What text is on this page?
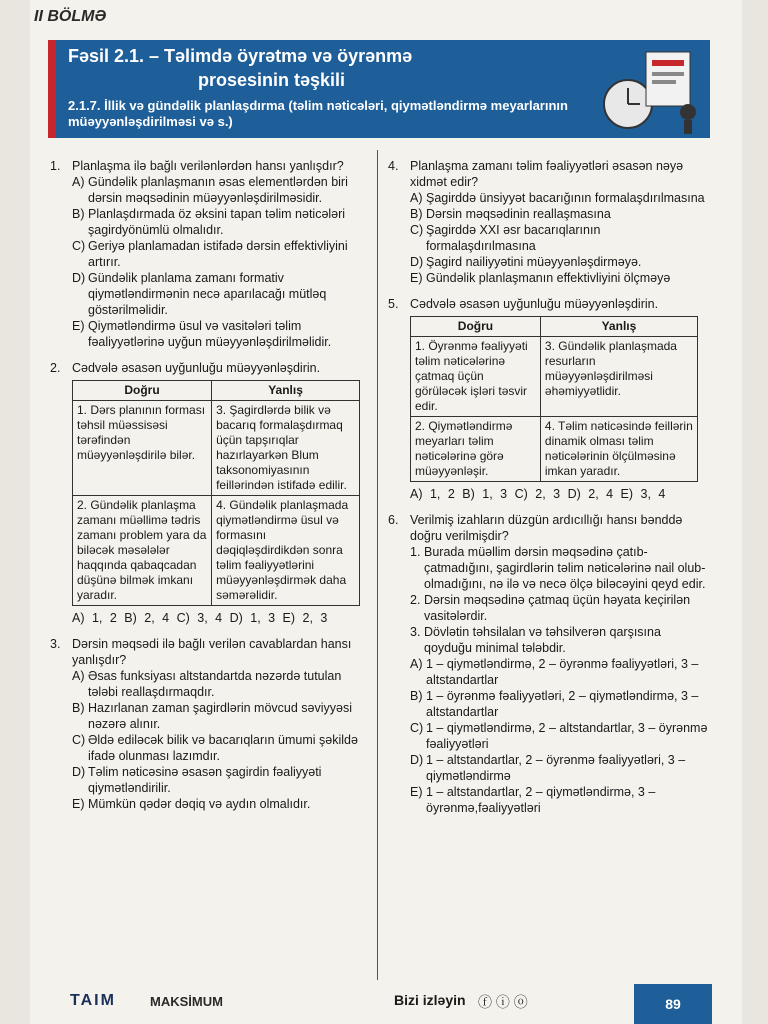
II BÖLMƏ
Fəsil 2.1. – Təlimdə öyrətmə və öyrənmə
prosesinin təşkili
2.1.7. İllik və gündəlik planlaşdırma (təlim nəticələri, qiymətləndirmə meyarlarının müəyyənləşdirilməsi və s.)
1. Planlaşma ilə bağlı verilənlərdən hansı yanlışdır?
A) Gündəlik planlaşmanın əsas elementlərdən biri dərsin məqsədinin müəyyənləşdirilməsidir.
B) Planlaşdırmada öz əksini tapan təlim nəticələri şagirdyönümlü olmalıdır.
C) Geriyə planlamadan istifadə dərsin effektivliyini artırır.
D) Gündəlik planlama zamanı formativ qiymətləndirmənin necə aparılacağı mütləq göstərilməlidir.
E) Qiymətləndirmə üsul və vasitələri təlim fəaliyyətlərinə uyğun müəyyənləşdirilməlidir.
2. Cədvələ əsasən uyğunluğu müəyyənləşdirin.
Doğru	Yanlış
1. Dərs planının forması təhsil müəssisəsi tərəfindən müəyyənləşdirilə bilər.	3. Şagirdlərdə bilik və bacarıq formalaşdırmaq üçün tapşırıqlar hazırlayarkən Blum taksonomiyasının feillərindən istifadə edilir.
2. Gündəlik planlaşma zamanı müəllimə tədris zamanı problem yara da biləcək məsələlər haqqında qabaqcadan düşünə bilmək imkanı yaradır.	4. Gündəlik planlaşmada qiymətləndirmə üsul və formasını dəqiqləşdirdikdən sonra təlim fəaliyyətlərini müəyyənləşdirmək daha səmərəlidir.
A) 1, 2 B) 2, 4 C) 3, 4 D) 1, 3 E) 2, 3
3. Dərsin məqsədi ilə bağlı verilən cavablardan hansı yanlışdır?
A) Əsas funksiyası altstandartda nəzərdə tutulan tələbi reallaşdırmaqdır.
B) Hazırlanan zaman şagirdlərin mövcud səviyyəsi nəzərə alınır.
C) Əldə ediləcək bilik və bacarıqların ümumi şəkildə ifadə olunması lazımdır.
D) Təlim nəticəsinə əsasən şagirdin fəaliyyəti qiymətləndirilir.
E) Mümkün qədər dəqiq və aydın olmalıdır.
4. Planlaşma zamanı təlim fəaliyyətləri əsasən nəyə xidmət edir?
A) Şagirddə ünsiyyət bacarığının formalaşdırılmasına
B) Dərsin məqsədinin reallaşmasına
C) Şagirddə XXI əsr bacarıqlarının formalaşdırılmasına
D) Şagird nailiyyətini müəyyənləşdirməyə.
E) Gündəlik planlaşmanın effektivliyini ölçməyə
5. Cədvələ əsasən uyğunluğu müəyyənləşdirin.
Doğru	Yanlış
1. Öyrənmə fəaliyyəti təlim nəticələrinə çatmaq üçün görüləcək işləri təsvir edir.	3. Gündəlik planlaşmada resurların müəyyənləşdirilməsi əhəmiyyətlidir.
2. Qiymətləndirmə meyarları təlim nəticələrinə görə müəyyənləşir.	4. Təlim nəticəsində feillərin dinamik olması təlim nəticələrinin ölçülməsinə imkan yaradır.
A) 1, 2 B) 1, 3 C) 2, 3 D) 2, 4 E) 3, 4
6. Verilmiş izahların düzgün ardıcıllığı hansı bənddə doğru verilmişdir?
1. Burada müəllim dərsin məqsədinə çatıb-çatmadığını, şagirdlərin təlim nəticələrinə nail olub-olmadığını, nə ilə və necə ölçə biləcəyini qeyd edir.
2. Dərsin məqsədinə çatmaq üçün həyata keçirilən vasitələrdir.
3. Dövlətin təhsilalan və təhsilverən qarşısına qoyduğu minimal tələbdir.
A) 1 – qiymətləndirmə, 2 – öyrənmə fəaliyyətləri, 3 – altstandartlar
B) 1 – öyrənmə fəaliyyətləri, 2 – qiymətləndirmə, 3 – altstandartlar
C) 1 – qiymətləndirmə, 2 – altstandartlar, 3 – öyrənmə fəaliyyətləri
D) 1 – altstandartlar, 2 – öyrənmə fəaliyyətləri, 3 – qiymətləndirmə
E) 1 – altstandartlar, 2 – qiymətləndirmə, 3 – öyrənmə,fəaliyyətləri
TAIM	MAKSİMUM	Bizi izləyin ⓕ ⓘ ⓞ	89
